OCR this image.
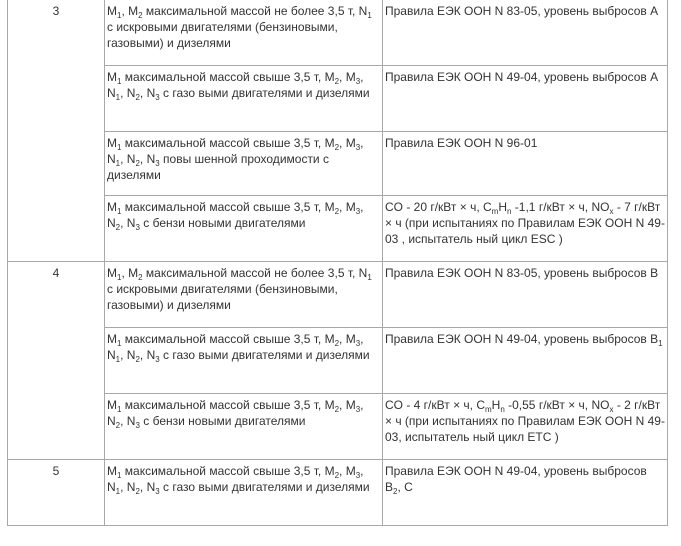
3	$M_1$, $M_2$ максимальной массой не более 3,5 т, $N_1$ с искровыми двигателями (бензиновыми, газовыми) и дизелями	Правила ЕЭК ООН N 83-05, уровень выбросов A
	$M_1$ максимальной массой свыше 3,5 т, $M_2$, $M_3$, $N_1$, $N_2$, $N_3$ с газо выми двигателями и дизелями	Правила ЕЭК ООН N 49-04, уровень выбросов A
	$M_1$ максимальной массой свыше 3,5 т, $M_2$, $M_3$, $N_1$, $N_2$, $N_3$ повы шенной проходимости с дизелями	Правила ЕЭК ООН N 96-01
	$M_1$ максимальной массой свыше 3,5 т, $M_2$, $M_3$, $N_2$, $N_3$ с бензи новыми двигателями	CO - 20 г/кВт × ч, $C_mH_n$ -1,1 г/кВт × ч, $NO_x - 7$ г/кВт × ч (при испытаниях по Правилам ЕЭК ООН N 49-03 , испытатель ный цикл ESC )
4	$M_1$, $M_2$ максимальной массой не более 3,5 т, $N_1$ с искровыми двигателями (бензиновыми, газовыми) и дизелями	Правила ЕЭК ООН N 83-05, уровень выбросов B
	$M_1$ максимальной массой свыше 3,5 т, $M_2$, $M_3$, $N_1$, $N_2$, $N_3$ с газо выми двигателями и дизелями	Правила ЕЭК ООН N 49-04, уровень выбросов $B_1$
	$M_1$ максимальной массой свыше 3,5 т, $M_2$, $M_3$, $N_2$, $N_3$ с бензи новыми двигателями	CO - 4 г/кВт × ч, $C_mH_n$ -0,55 г/кВт × ч, $NO_x - 2$ г/кВт × ч (при испытаниях по Правилам ЕЭК ООН N 49-03, испытатель ный цикл ETC )
5	$M_1$ максимальной массой свыше 3,5 т, $M_2$, $M_3$, $N_1$, $N_2$, $N_3$ с газо выми двигателями и дизелями	Правила ЕЭК ООН N 49-04, уровень выбросов $B_2$, C
